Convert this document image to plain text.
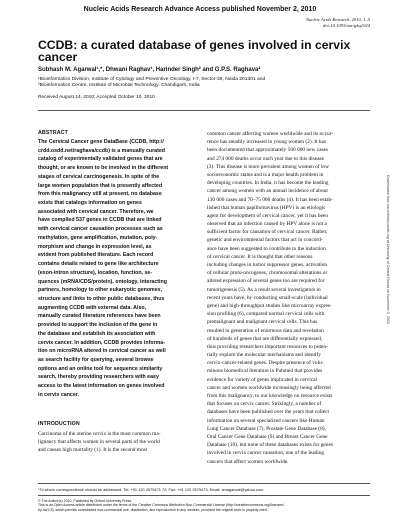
Nucleic Acids Research Advance Access published November 2, 2010
Nucleic Acids Research, 2010, 1–5
doi:10.1093/nar/gkq1024
CCDB: a curated database of genes involved in cervix cancer
Subhash M. Agarwal¹,*, Dhwani Raghav¹, Harinder Singh² and G.P.S. Raghava²
¹Bioinformatics Division, Institute of Cytology and Preventive Oncology, I-7, Sector-39, Noida 201301 and
²Bioinformatics Centre, Institute of Microbial Technology, Chandigarh, India
Received August 14, 2010; Accepted October 10, 2010

ABSTRACT

The Cervical Cancer gene DataBase (CCDB, http://
crdd.osdd.net/raghava/ccdb) is a manually curated
catalog of experimentally validated genes that are
thought, or are known to be involved in the different
stages of cervical carcinogenesis. In spite of the
large women population that is presently affected
from this malignancy still at present, no database
exists that catalogs information on genes
associated with cervical cancer. Therefore, we
have compiled 537 genes in CCDB that are linked
with cervical cancer causation processes such as
methylation, gene amplification, mutation, poly-
morphism and change in expression level, as
evident from published literature. Each record
contains details related to gene like architecture
(exon-intron structure), location, function, se-
quences (mRNA/CDS/protein), ontology, interacting
partners, homology to other eukaryotic genomes,
structure and links to other public databases, thus
augmenting CCDB with external data. Also,
manually curated literature references have been
provided to support the inclusion of the gene in
the database and establish its association with
cervix cancer. In addition, CCDB provides informa-
tion on microRNA altered in cervical cancer as well
as search facility for querying, several browse
options and an online tool for sequence similarity
search, thereby providing researchers with easy
access to the latest information on genes involved
in cervix cancer.

INTRODUCTION

Carcinoma of the uterine cervix is the most common ma-
lignancy that affects women in several parts of the world
and causes high mortality (1). It is the second most
common cancer affecting women worldwide and its occur-
rence has steadily increased in young women (2). It has
been documented that approximately 500 000 new cases
and 274 000 deaths occur each year due to this disease
(3). This disease is more prevalent among women of low
socioeconomic status and is a major health problem in
developing countries. In India, it has become the leading
cancer among women with an annual incidence of about
130 000 cases and 70–75 000 deaths (4). It has been estab-
lished that human papillomavirus (HPV) is an etiologic
agent for development of cervical cancer, yet it has been
observed that an infection caused by HPV alone is not a
sufficient factor for causation of cervical cancer. Rather,
genetic and environmental factors that act in concord-
ance have been suggested to contribute to the induction
of cervical cancer. It is thought that other reasons
including changes in tumor suppressor genes, activation
of cellular proto-oncogenes, chromosomal alterations or
altered expression of several genes too are required for
tumorigenesis (5). As a result several investigators in
recent years have, by conducting small-scale (individual
gene) and high-throughput studies like microarray expres-
sion profiling (6), compared normal cervical cells with
premalignant and malignant cervical cells. This has
resulted in generation of enormous data and revelation
of hundreds of genes that are differentially expressed,
thus providing researchers important resources to poten-
tially explore the molecular mechanisms and identify
cervix-cancer-related genes. Despite presence of volu-
minous biomedical literature in Pubmed that provides
evidence for variety of genes implicated in cervical
cancer and women worldwide increasingly being affected
from this malignancy, to our knowledge no resource exists
that focuses on cervix cancer. Strikingly, a number of
databases have been published over the years that collect
information on several specialized cancers like Human
Lung Cancer Database (7), Prostate Gene Database (8),
Oral Cancer Gene Database (9) and Breast Cancer Gene
Database (10), but none of these databases exists for genes
involved in cervix cancer causation, one of the leading
cancers that affect women worldwide.
Downloaded from nar.oxfordjournals.org at University of Central Florida on November 3, 2010
*To whom correspondence should be addressed. Tel: +91 120 2579471 72; Fax: +91 120 2579473; Email: smagarwal@yahoo.com
© The Author(s) 2010. Published by Oxford University Press.
This is an Open Access article distributed under the terms of the Creative Commons Attribution Non-Commercial License (http://creativecommons.org/licenses/
by-nc/2.5), which permits unrestricted non-commercial use, distribution, and reproduction in any medium, provided the original work is properly cited.
